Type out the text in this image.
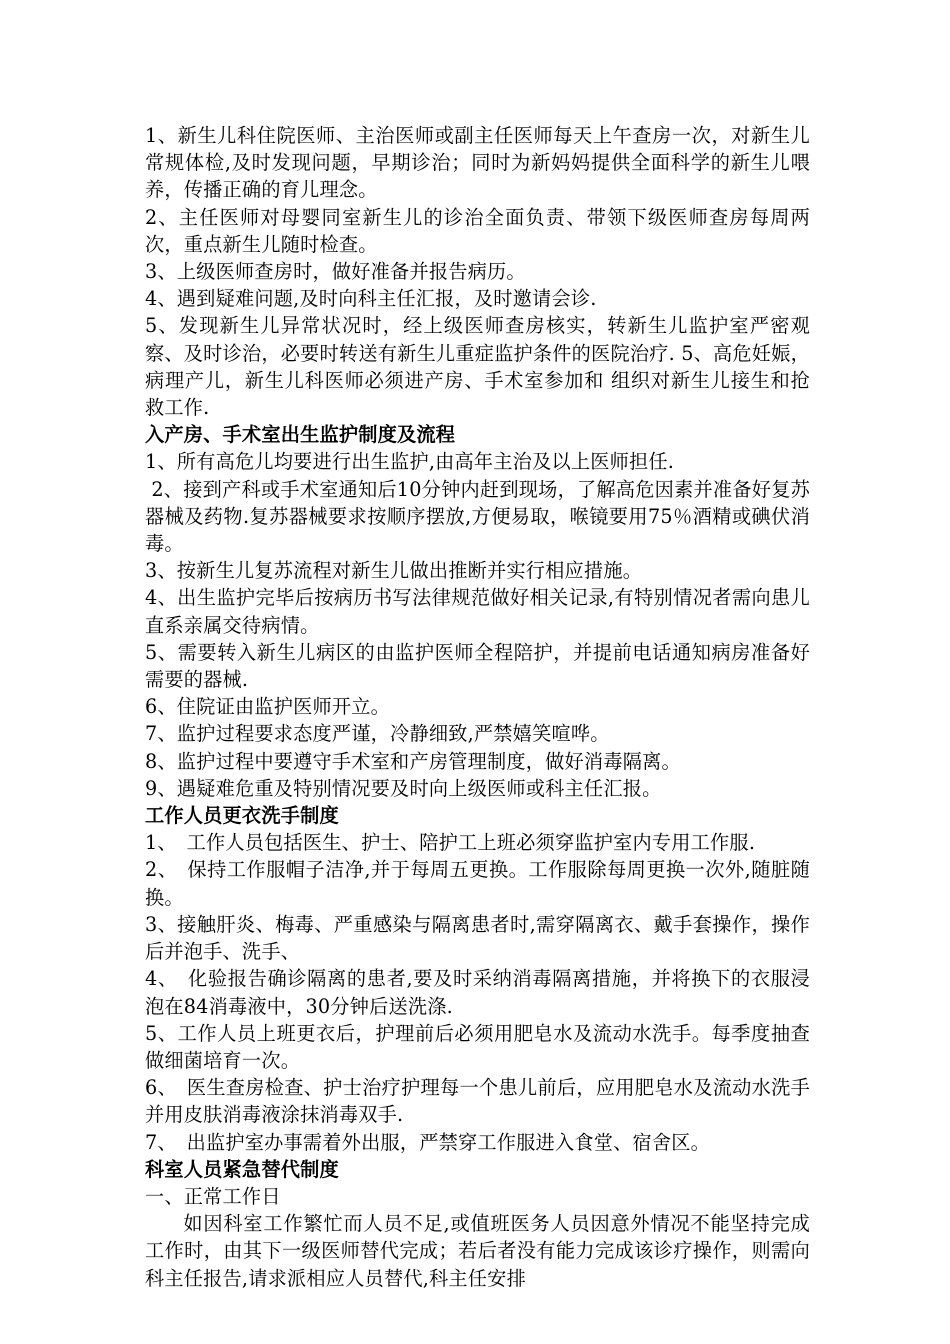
1、新生儿科住院医师、主治医师或副主任医师每天上午查房一次，对新生儿常规体检,及时发现问题，早期诊治；同时为新妈妈提供全面科学的新生儿喂养，传播正确的育儿理念。

2、主任医师对母婴同室新生儿的诊治全面负责、带领下级医师查房每周两次，重点新生儿随时检查。

3、上级医师查房时，做好准备并报告病历。

4、遇到疑难问题,及时向科主任汇报，及时邀请会诊.

5、发现新生儿异常状况时，经上级医师查房核实，转新生儿监护室严密观察、及时诊治，必要时转送有新生儿重症监护条件的医院治疗. 5、高危妊娠，病理产儿，新生儿科医师必须进产房、手术室参加和 组织对新生儿接生和抢救工作.

入产房、手术室出生监护制度及流程

1、所有高危儿均要进行出生监护,由高年主治及以上医师担任.

2、接到产科或手术室通知后10分钟内赶到现场，了解高危因素并准备好复苏器械及药物.复苏器械要求按顺序摆放,方便易取，喉镜要用75％酒精或碘伏消毒。

3、按新生儿复苏流程对新生儿做出推断并实行相应措施。

4、出生监护完毕后按病历书写法律规范做好相关记录,有特别情况者需向患儿直系亲属交待病情。

5、需要转入新生儿病区的由监护医师全程陪护，并提前电话通知病房准备好需要的器械.

6、住院证由监护医师开立。

7、监护过程要求态度严谨，冷静细致,严禁嬉笑喧哗。

8、监护过程中要遵守手术室和产房管理制度，做好消毒隔离。

9、遇疑难危重及特别情况要及时向上级医师或科主任汇报。

工作人员更衣洗手制度

1、　工作人员包括医生、护士、陪护工上班必须穿监护室内专用工作服.

2、　保持工作服帽子洁净,并于每周五更换。工作服除每周更换一次外,随脏随换。

3、接触肝炎、梅毒、严重感染与隔离患者时,需穿隔离衣、戴手套操作，操作后并泡手、洗手、

4、　化验报告确诊隔离的患者,要及时采纳消毒隔离措施，并将换下的衣服浸泡在84消毒液中，30分钟后送洗涤.

5、工作人员上班更衣后，护理前后必须用肥皂水及流动水洗手。每季度抽查做细菌培育一次。

6、　医生查房检查、护士治疗护理每一个患儿前后，应用肥皂水及流动水洗手并用皮肤消毒液涂抹消毒双手.

7、　出监护室办事需着外出服，严禁穿工作服进入食堂、宿舍区。

科室人员紧急替代制度

一、正常工作日

如因科室工作繁忙而人员不足,或值班医务人员因意外情况不能坚持完成工作时，由其下一级医师替代完成；若后者没有能力完成该诊疗操作，则需向科主任报告,请求派相应人员替代,科主任安排
